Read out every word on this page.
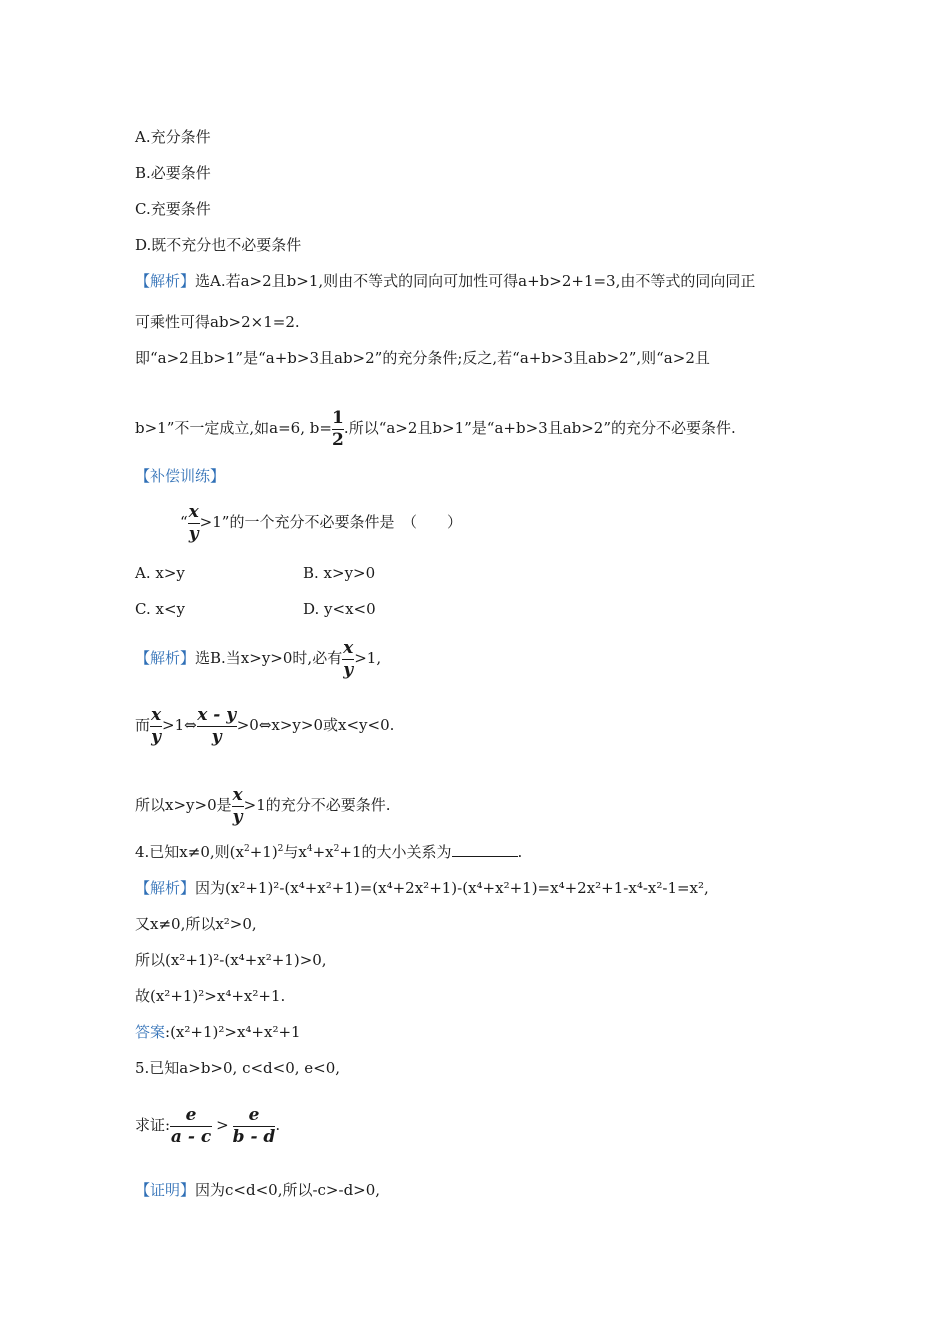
A.充分条件
B.必要条件
C.充要条件
D.既不充分也不必要条件
【解析】选A.若a>2且b>1,则由不等式的同向可加性可得a+b>2+1=3,由不等式的同向同正
可乘性可得ab>2×1=2.
即“a>2且b>1”是“a+b>3且ab>2”的充分条件;反之,若“a+b>3且ab>2”,则“a>2且
b>1”不一定成立,如a=6, $b= \frac{1}{2}$ .所以“a>2且b>1”是“a+b>3且ab>2”的充分不必要条件.
【补偿训练】
“ $\frac{x}{y} >1$”的一个充分不必要条件是　（　　）
A. x>y	B. x>y>0
C. x<y	D. y<x<0
【解析】选B.当x>y>0时,必有 $\frac{x}{y} >1$,
而 $\frac{x}{y}$ >1⇔ $\frac{x - y}{y}$ >0⇔x>y>0或x<y<0.
所以x>y>0是 $\frac{x}{y} >1$的充分不必要条件.
4.已知x≠0,则$(x^2+1)^2$与$x^4+x^2+1$的大小关系为	.
【解析】因为(x²+1)²-(x⁴+x²+1)=(x⁴+2x²+1)-(x⁴+x²+1)=x⁴+2x²+1-x⁴-x²-1=x²,
又x≠0,所以x²>0,
所以(x²+1)²-(x⁴+x²+1)>0,
故(x²+1)²>x⁴+x²+1.
答案:(x²+1)²>x⁴+x²+1
5.已知a>b>0, c<d<0, e<0,
求证: $\frac{e}{a - c} > \frac{e}{b - d}$ .
【证明】因为c<d<0,所以-c>-d>0,
